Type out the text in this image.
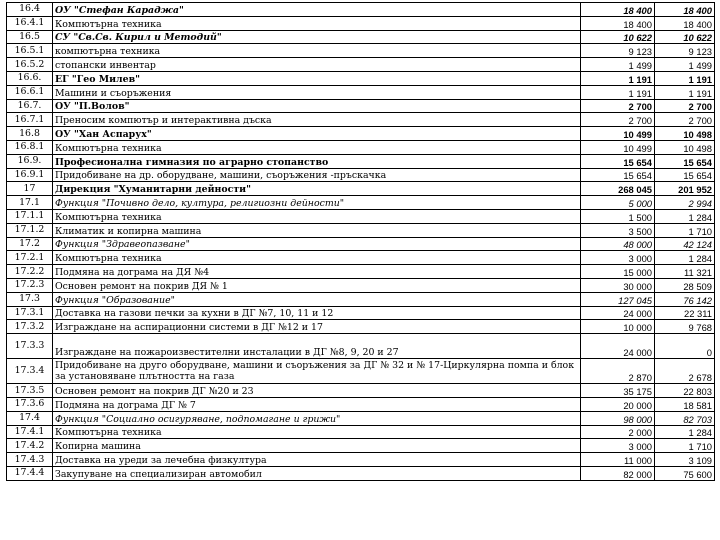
16.4	ОУ "Стефан Караджа"	18 400	18 400
16.4.1	Компютърна техника	18 400	18 400
16.5	СУ "Св.Св. Кирил и Методий"	10 622	10 622
16.5.1	компютърна техника	9 123	9 123
16.5.2	стопански инвентар	1 499	1 499
16.6.	ЕГ "Гео Милев"	1 191	1 191
16.6.1	Машини и съоръжения	1 191	1 191
16.7.	ОУ "П.Волов"	2 700	2 700
16.7.1	Преносим компютър и интерактивна дъска	2 700	2 700
16.8	ОУ "Хан Аспарух"	10 499	10 498
16.8.1	Компютърна техника	10 499	10 498
16.9.	Професионална гимназия по аграрно стопанство	15 654	15 654
16.9.1	Придобиване на др. оборудване, машини, съоръжения -пръскачка	15 654	15 654
17	Дирекция "Хуманитарни дейности"	268 045	201 952
17.1	Функция "Почивно дело, култура, религиозни дейности"	5 000	2 994
17.1.1	Компютърна техника	1 500	1 284
17.1.2	Климатик и копирна машина	3 500	1 710
17.2	Функция "Здравеопазване"	48 000	42 124
17.2.1	Компютърна техника	3 000	1 284
17.2.2	Подмяна на дограма на ДЯ №4	15 000	11 321
17.2.3	Основен ремонт на покрив ДЯ № 1	30 000	28 509
17.3	Функция "Образование"	127 045	76 142
17.3.1	Доставка на газови печки за кухни в ДГ №7, 10, 11 и 12	24 000	22 311
17.3.2	Изграждане на аспирационни системи в ДГ №12 и 17	10 000	9 768
17.3.3	Изграждане на пожароизвестителни инсталации в ДГ №8, 9, 20 и 27	24 000	0
17.3.4	Придобиване на друго оборудване, машини и съоръжения за ДГ № 32 и № 17-Циркулярна помпа и блок за установяване плътността на газа	2 870	2 678
17.3.5	Основен ремонт на покрив ДГ №20 и 23	35 175	22 803
17.3.6	Подмяна на дограма ДГ № 7	20 000	18 581
17.4	Функция "Социално осигуряване, подпомагане и грижи"	98 000	82 703
17.4.1	Компютърна техника	2 000	1 284
17.4.2	Копирна машина	3 000	1 710
17.4.3	Доставка на уреди за лечебна физкултура	11 000	3 109
17.4.4	Закупуване на специализиран автомобил	82 000	75 600
